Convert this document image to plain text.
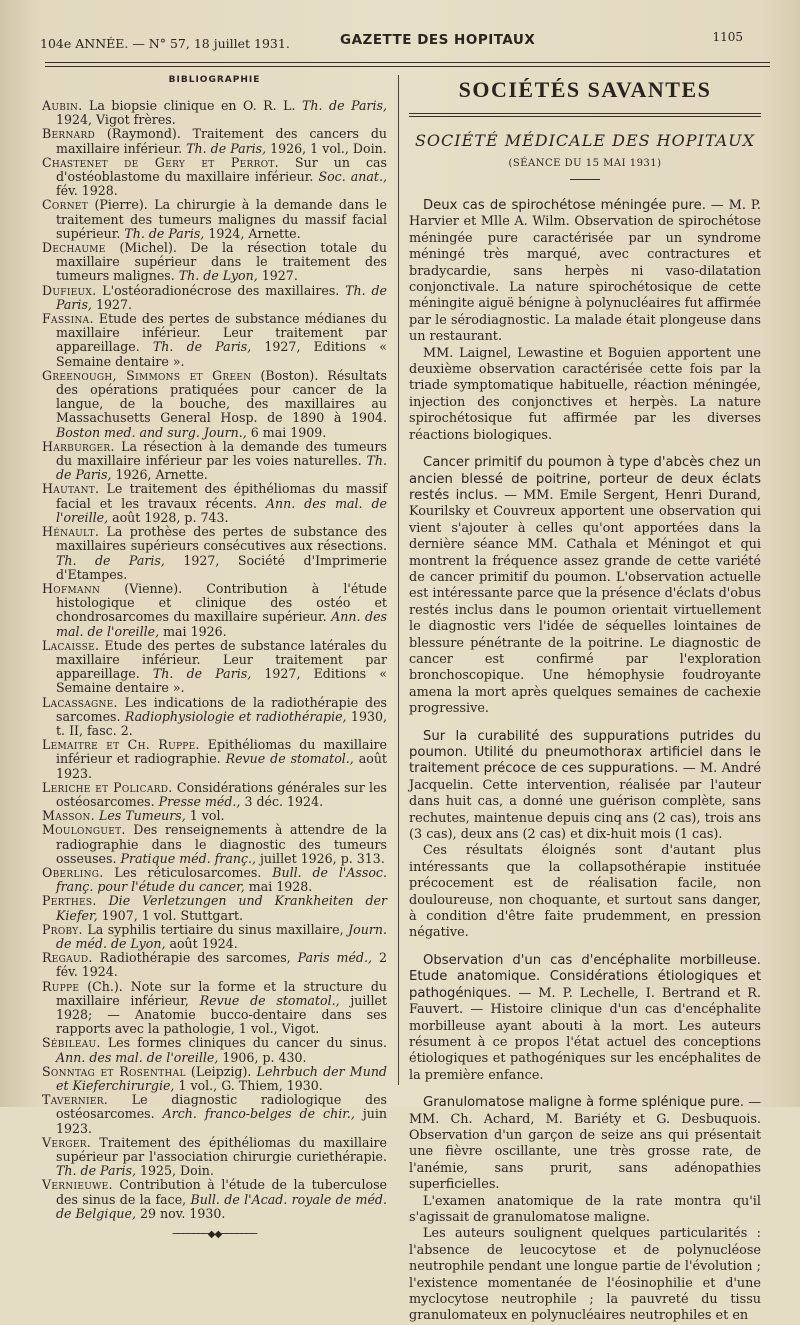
104e ANNÉE. — N° 57, 18 juillet 1931.	GAZETTE DES HOPITAUX	1105
BIBLIOGRAPHIE

Aubin. La biopsie clinique en O. R. L. Th. de Paris, 1924, Vigot frères.

Bernard (Raymond). Traitement des cancers du maxillaire inférieur. Th. de Paris, 1926, 1 vol., Doin.

Chastenet de Gery et Perrot. Sur un cas d'ostéoblastome du maxillaire inférieur. Soc. anat., fév. 1928.

Cornet (Pierre). La chirurgie à la demande dans le traitement des tumeurs malignes du massif facial supérieur. Th. de Paris, 1924, Arnette.

Dechaume (Michel). De la résection totale du maxillaire supérieur dans le traitement des tumeurs malignes. Th. de Lyon, 1927.

Dufieux. L'ostéoradionécrose des maxillaires. Th. de Paris, 1927.

Fassina. Etude des pertes de substance médianes du maxillaire inférieur. Leur traitement par appareillage. Th. de Paris, 1927, Editions « Semaine dentaire ».

Greenough, Simmons et Green (Boston). Résultats des opérations pratiquées pour cancer de la langue, de la bouche, des maxillaires au Massachusetts General Hosp. de 1890 à 1904. Boston med. and surg. Journ., 6 mai 1909.

Harburger. La résection à la demande des tumeurs du maxillaire inférieur par les voies naturelles. Th. de Paris, 1926, Arnette.

Hautant. Le traitement des épithéliomas du massif facial et les travaux récents. Ann. des mal. de l'oreille, août 1928, p. 743.

Hénault. La prothèse des pertes de substance des maxillaires supérieurs consécutives aux résections. Th. de Paris, 1927, Société d'Imprimerie d'Etampes.

Hofmann (Vienne). Contribution à l'étude histologique et clinique des ostéo et chondrosarcomes du maxillaire supérieur. Ann. des mal. de l'oreille, mai 1926.

Lacaisse. Etude des pertes de substance latérales du maxillaire inférieur. Leur traitement par appareillage. Th. de Paris, 1927, Editions « Semaine dentaire ».

Lacassagne. Les indications de la radiothérapie des sarcomes. Radiophysiologie et radiothérapie, 1930, t. II, fasc. 2.

Lemaitre et Ch. Ruppe. Epithéliomas du maxillaire inférieur et radiographie. Revue de stomatol., août 1923.

Leriche et Policard. Considérations générales sur les ostéosarcomes. Presse méd., 3 déc. 1924.

Masson. Les Tumeurs, 1 vol.

Moulonguet. Des renseignements à attendre de la radiographie dans le diagnostic des tumeurs osseuses. Pratique méd. franç., juillet 1926, p. 313.

Oberling. Les réticulosarcomes. Bull. de l'Assoc. franç. pour l'étude du cancer, mai 1928.

Perthes. Die Verletzungen und Krankheiten der Kiefer, 1907, 1 vol. Stuttgart.

Proby. La syphilis tertiaire du sinus maxillaire, Journ. de méd. de Lyon, août 1924.

Regaud. Radiothérapie des sarcomes, Paris méd., 2 fév. 1924.

Ruppe (Ch.). Note sur la forme et la structure du maxillaire inférieur, Revue de stomatol., juillet 1928; — Anatomie bucco-dentaire dans ses rapports avec la pathologie, 1 vol., Vigot.

Sébileau. Les formes cliniques du cancer du sinus. Ann. des mal. de l'oreille, 1906, p. 430.

Sonntag et Rosenthal (Leipzig). Lehrbuch der Mund et Kieferchirurgie, 1 vol., G. Thiem, 1930.

Tavernier. Le diagnostic radiologique des ostéosarcomes. Arch. franco-belges de chir., juin 1923.

Verger. Traitement des épithéliomas du maxillaire supérieur par l'association chirurgie curiethérapie. Th. de Paris, 1925, Doin.

Vernieuwe. Contribution à l'étude de la tuberculose des sinus de la face, Bull. de l'Acad. royale de méd. de Belgique, 29 nov. 1930.

───────◆◆───────
SOCIÉTÉS SAVANTES
SOCIÉTÉ MÉDICALE DES HOPITAUX
(SÉANCE DU 15 MAI 1931)

Deux cas de spirochétose méningée pure. — M. P. Harvier et Mlle A. Wilm. Observation de spirochétose méningée pure caractérisée par un syndrome méningé très marqué, avec contractures et bradycardie, sans herpès ni vaso-dilatation conjonctivale. La nature spirochétosique de cette méningite aiguë bénigne à polynucléaires fut affirmée par le sérodiagnostic. La malade était plongeuse dans un restaurant.

MM. Laignel, Lewastine et Boguien apportent une deuxième observation caractérisée cette fois par la triade symptomatique habituelle, réaction méningée, injection des conjonctives et herpès. La nature spirochétosique fut affirmée par les diverses réactions biologiques.

Cancer primitif du poumon à type d'abcès chez un ancien blessé de poitrine, porteur de deux éclats restés inclus. — MM. Emile Sergent, Henri Durand, Kourilsky et Couvreux apportent une observation qui vient s'ajouter à celles qu'ont apportées dans la dernière séance MM. Cathala et Méningot et qui montrent la fréquence assez grande de cette variété de cancer primitif du poumon. L'observation actuelle est intéressante parce que la présence d'éclats d'obus restés inclus dans le poumon orientait virtuellement le diagnostic vers l'idée de séquelles lointaines de blessure pénétrante de la poitrine. Le diagnostic de cancer est confirmé par l'exploration bronchoscopique. Une hémophysie foudroyante amena la mort après quelques semaines de cachexie progressive.

Sur la curabilité des suppurations putrides du poumon. Utilité du pneumothorax artificiel dans le traitement précoce de ces suppurations. — M. André Jacquelin. Cette intervention, réalisée par l'auteur dans huit cas, a donné une guérison complète, sans rechutes, maintenue depuis cinq ans (2 cas), trois ans (3 cas), deux ans (2 cas) et dix-huit mois (1 cas).

Ces résultats éloignés sont d'autant plus intéressants que la collapsothérapie instituée précocement est de réalisation facile, non douloureuse, non choquante, et surtout sans danger, à condition d'être faite prudemment, en pression négative.

Observation d'un cas d'encéphalite morbilleuse. Etude anatomique. Considérations étiologiques et pathogéniques. — M. P. Lechelle, I. Bertrand et R. Fauvert. — Histoire clinique d'un cas d'encéphalite morbilleuse ayant abouti à la mort. Les auteurs résument à ce propos l'état actuel des conceptions étiologiques et pathogéniques sur les encéphalites de la première enfance.

Granulomatose maligne à forme splénique pure. — MM. Ch. Achard, M. Bariéty et G. Desbuquois. Observation d'un garçon de seize ans qui présentait une fièvre oscillante, une très grosse rate, de l'anémie, sans prurit, sans adénopathies superficielles.

L'examen anatomique de la rate montra qu'il s'agissait de granulomatose maligne.

Les auteurs soulignent quelques particularités : l'absence de leucocytose et de polynucléose neutrophile pendant une longue partie de l'évolution ; l'existence momentanée de l'éosinophilie et d'une myclocytose neutrophile ; la pauvreté du tissu granulomateux en polynucléaires neutrophiles et en
